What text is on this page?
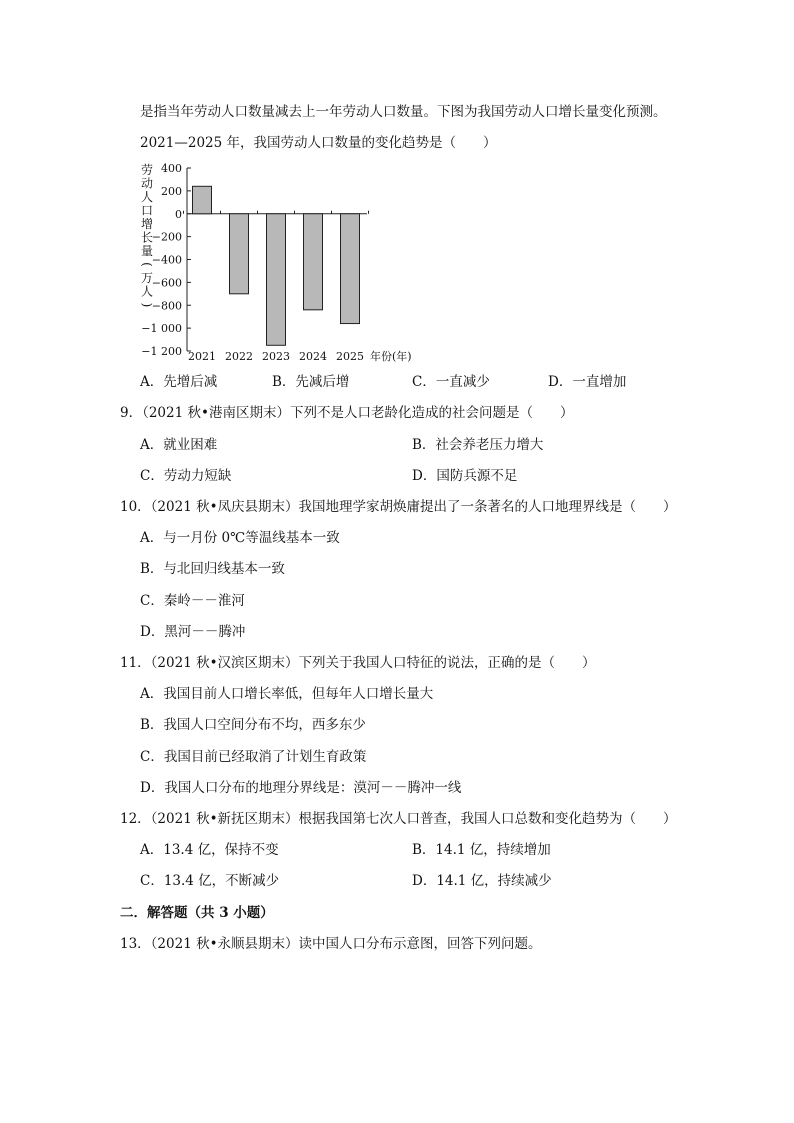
是指当年劳动人口数量减去上一年劳动人口数量。下图为我国劳动人口增长量变化预测。
2021—2025 年，我国劳动人口数量的变化趋势是（　　）
劳
动
人
口
增
长
量
(
万
人
)
400
200
0
−200
−400
−600
−800
−1 000
−1 200 2021 2022 2023 2024 2025 年份(年)
A．先增后减	B．先减后增	C．一直减少	D．一直增加
9．（2021 秋•港南区期末）下列不是人口老龄化造成的社会问题是（　　）
A．就业困难	B．社会养老压力增大
C．劳动力短缺	D．国防兵源不足
10．（2021 秋•凤庆县期末）我国地理学家胡焕庸提出了一条著名的人口地理界线是（　　）
A．与一月份 0℃等温线基本一致
B．与北回归线基本一致
C．秦岭－－淮河
D．黑河－－腾冲
11．（2021 秋•汉滨区期末）下列关于我国人口特征的说法，正确的是（　　）
A．我国目前人口增长率低，但每年人口增长量大
B．我国人口空间分布不均，西多东少
C．我国目前已经取消了计划生育政策
D．我国人口分布的地理分界线是：漠河－－腾冲一线
12．（2021 秋•新抚区期末）根据我国第七次人口普查，我国人口总数和变化趋势为（　　）
A．13.4 亿，保持不变	B．14.1 亿，持续增加
C．13.4 亿，不断减少	D．14.1 亿，持续减少
二．解答题（共 3 小题）
13．（2021 秋•永顺县期末）读中国人口分布示意图，回答下列问题。
